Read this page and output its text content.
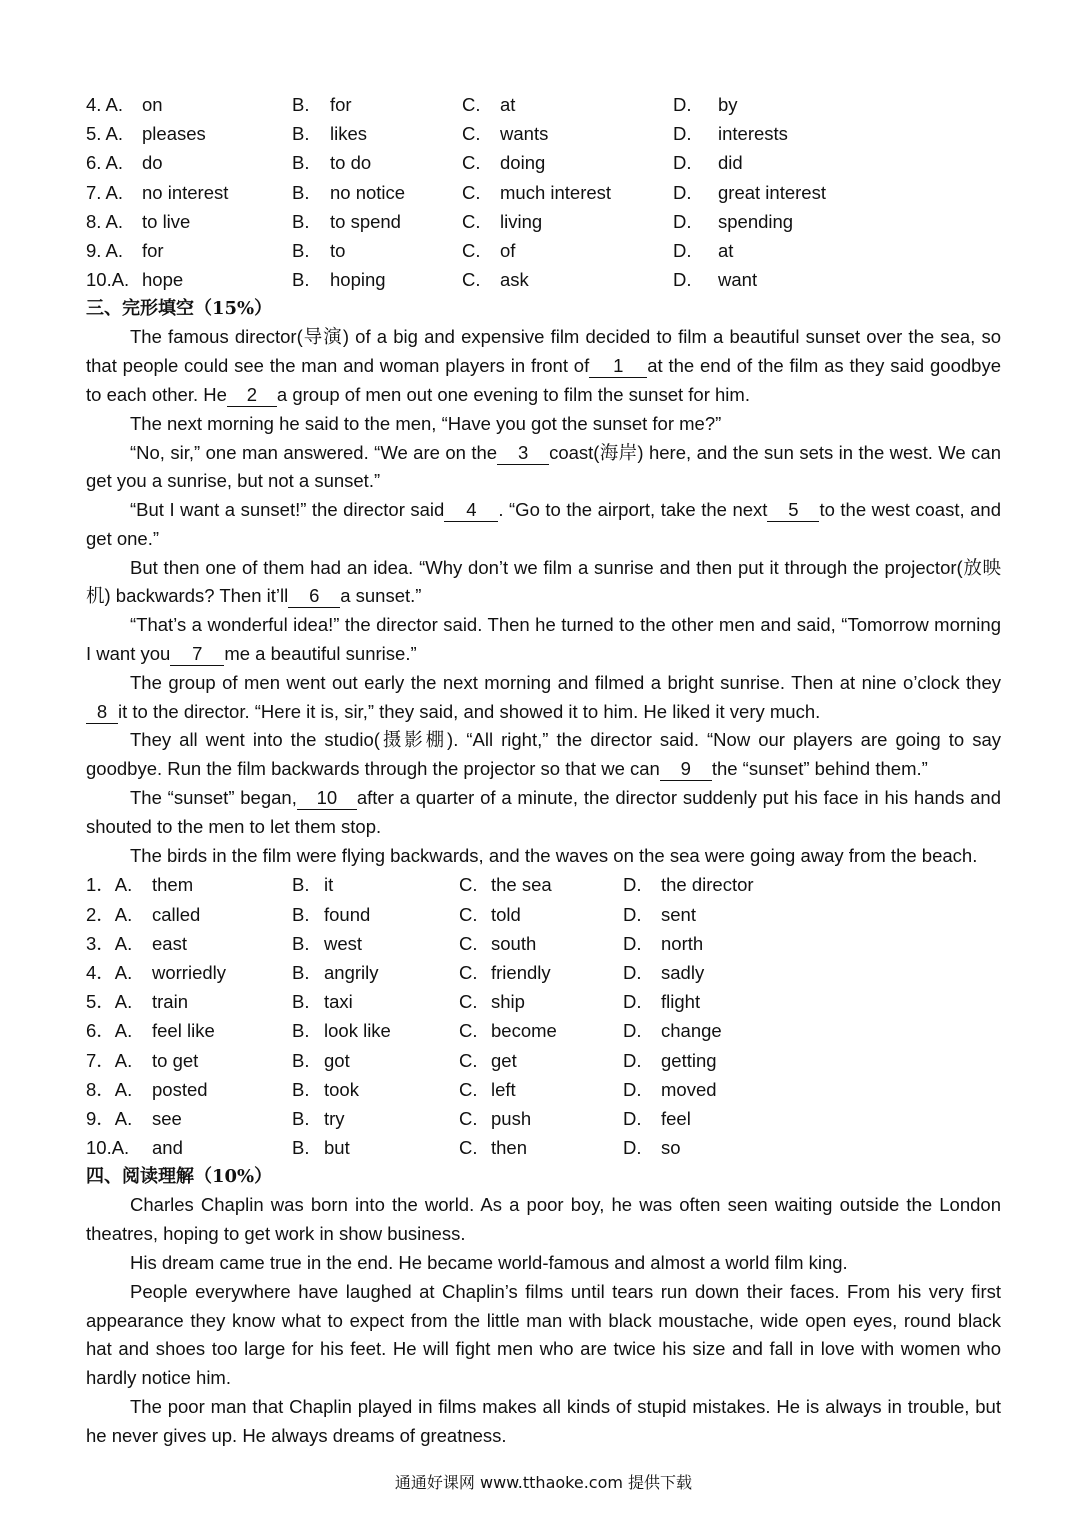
4. A.	on	B.	for	C.	at	D.	by
5. A.	pleases	B.	likes	C.	wants	D.	interests
6. A.	do	B.	to do	C.	doing	D.	did
7. A.	no interest	B.	no notice	C.	much interest	D.	great interest
8. A.	to live	B.	to spend	C.	living	D.	spending
9. A.	for	B.	to	C.	of	D.	at
10.A. hope	B.	hoping	C.	ask	D.	want
三、完形填空（15%）

The famous director(导演) of a big and expensive film decided to film a beautiful sunset over the sea, so that people could see the man and woman players in front of 1 at the end of the film as they said goodbye to each other. He 2 a group of men out one evening to film the sunset for him.

The next morning he said to the men, “Have you got the sunset for me?”

“No, sir,” one man answered. “We are on the 3 coast(海岸) here, and the sun sets in the west. We can get you a sunrise, but not a sunset.”

“But I want a sunset!” the director said 4 . “Go to the airport, take the next 5 to the west coast, and get one.”

But then one of them had an idea. “Why don’t we film a sunrise and then put it through the projector(放映机) backwards? Then it’ll 6 a sunset.”

“That’s a wonderful idea!” the director said. Then he turned to the other men and said, “Tomorrow morning I want you 7 me a beautiful sunrise.”

The group of men went out early the next morning and filmed a bright sunrise. Then at nine o’clock they8 it to the director. “Here it is, sir,” they said, and showed it to him. He liked it very much.

They all went into the studio(摄影棚). “All right,” the director said. “Now our players are going to say goodbye. Run the film backwards through the projector so that we can 9 the “sunset” behind them.”

The “sunset” began, 10 after a quarter of a minute, the director suddenly put his face in his hands and shouted to the men to let them stop.

The birds in the film were flying backwards, and the waves on the sea were going away from the beach.

1．A.	them	B. it	C. the sea	D.	the director
2．A.	called	B. found	C. told	D.	sent
3．A.	east	B. west	C. south	D.	north
4．A.	worriedly	B. angrily	C. friendly	D.	sadly
5．A.	train	B. taxi	C. ship	D.	flight
6．A.	feel like	B. look like	C. become	D.	change
7．A.	to get	B. got	C. get	D.	getting
8．A.	posted	B. took	C. left	D.	moved
9．A.	see	B. try	C. push	D.	feel
10.A.	and	B. but	C. then	D.	so
四、阅读理解（10%）

Charles Chaplin was born into the world. As a poor boy, he was often seen waiting outside the London theatres, hoping to get work in show business.

His dream came true in the end. He became world-famous and almost a world film king.

People everywhere have laughed at Chaplin’s films until tears run down their faces. From his very first appearance they know what to expect from the little man with black moustache, wide open eyes, round black hat and shoes too large for his feet. He will fight men who are twice his size and fall in love with women who hardly notice him.

The poor man that Chaplin played in films makes all kinds of stupid mistakes. He is always in trouble, but he never gives up. He always dreams of greatness.

通通好课网 www.tthaoke.com 提供下载
